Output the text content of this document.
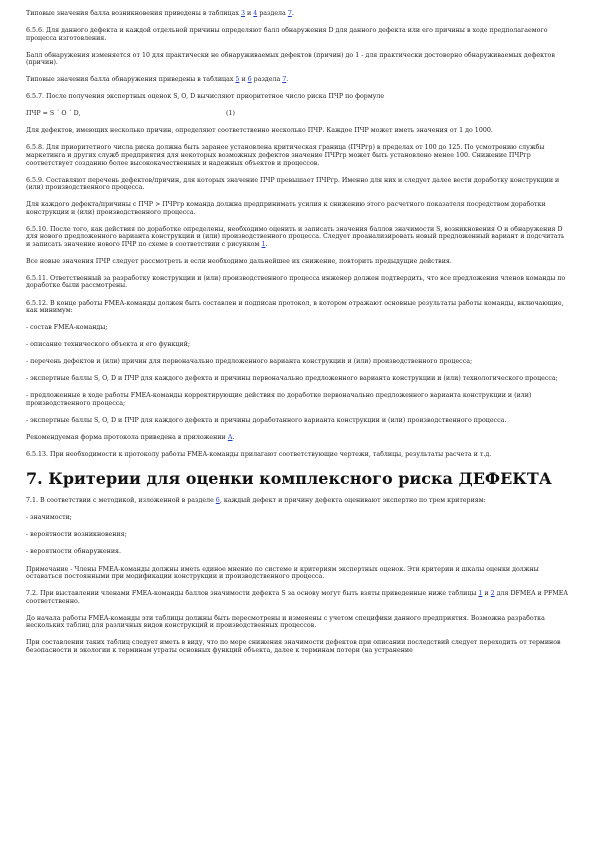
Типовые значения балла возникновения приведены в таблицах 3 и 4 раздела 7.

6.5.6. Для данного дефекта и каждой отдельной причины определяют балл обнаружения D для данного дефекта или его причины в ходе предполагаемого процесса изготовления.

Балл обнаружения изменяется от 10 для практически не обнаруживаемых дефектов (причин) до 1 - для практически достоверно обнаруживаемых дефектов (причин).

Типовые значения балла обнаружения приведены в таблицах 5 и 6 раздела 7.

6.5.7. После получения экспертных оценок S, O, D вычисляют приоритетное число риска ПЧР по формуле

ПЧР = S ´ O ´ D,	(1)

Для дефектов, имеющих несколько причин, определяют соответственно несколько ПЧР. Каждое ПЧР может иметь значения от 1 до 1000.

6.5.8. Для приоритетного числа риска должна быть заранее установлена критическая граница (ПЧРгр) в пределах от 100 до 125. По усмотрению службы маркетинга и других служб предприятия для некоторых возможных дефектов значение ПЧРгр может быть установлено менее 100. Снижение ПЧРгр соответствует созданию более высококачественных и надежных объектов и процессов.

6.5.9. Составляют перечень дефектов/причин, для которых значение ПЧР превышает ПЧРгр. Именно для них и следует далее вести доработку конструкции и (или) производственного процесса.

Для каждого дефекта/причины с ПЧР > ПЧРгр команда должна предпринимать усилия к снижению этого расчетного показателя посредством доработки конструкции и (или) производственного процесса.

6.5.10. После того, как действия по доработке определены, необходимо оценить и записать значения баллов значимости S, возникновения O и обнаружения D для нового предложенного варианта конструкции и (или) производственного процесса. Следует проанализировать новый предложенный вариант и подсчитать и записать значение нового ПЧР по схеме в соответствии с рисунком 1.

Все новые значения ПЧР следует рассмотреть и если необходимо дальнейшее их снижение, повторить предыдущие действия.

6.5.11. Ответственный за разработку конструкции и (или) производственного процесса инженер должен подтвердить, что все предложения членов команды по доработке были рассмотрены.

6.5.12. В конце работы FMEA-команды должен быть составлен и подписан протокол, в котором отражают основные результаты работы команды, включающие, как минимум:

- состав FMEA-команды;

- описание технического объекта и его функций;

- перечень дефектов и (или) причин для первоначально предложенного варианта конструкции и (или) производственного процесса;

- экспертные баллы S, O, D и ПЧР для каждого дефекта и причины первоначально предложенного варианта конструкции и (или) технологического процесса;

- предложенные в ходе работы FMEA-команды корректирующие действия по доработке первоначально предложенного варианта конструкции и (или) производственного процесса;

- экспертные баллы S, O, D и ПЧР для каждого дефекта и причины доработанного варианта конструкции и (или) производственного процесса.

Рекомендуемая форма протокола приведена в приложении А.

6.5.13. При необходимости к протоколу работы FMEA-команды прилагают соответствующие чертежи, таблицы, результаты расчета и т.д.

7. Критерии для оценки комплексного риска ДЕФЕКТА

7.1. В соответствии с методикой, изложенной в разделе 6, каждый дефект и причину дефекта оценивают экспертно по трем критериям:

- значимости;

- вероятности возникновения;

- вероятности обнаружения.

Примечание - Члены FMEA-команды должны иметь единое мнение по системе и критериям экспертных оценок. Эти критерии и шкалы оценки должны оставаться постоянными при модификации конструкции и производственного процесса.

7.2. При выставлении членами FMEA-команды баллов значимости дефекта S за основу могут быть взяты приведенные ниже таблицы 1 и 2 для DFMEA и PFMEA соответственно.

До начала работы FMEA-команды эти таблицы должны быть пересмотрены и изменены с учетом специфики данного предприятия. Возможна разработка нескольких таблиц для различных видов конструкций и производственных процессов.

При составлении таких таблиц следует иметь в виду, что по мере снижения значимости дефектов при описании последствий следует переходить от терминов безопасности и экологии к терминам утраты основных функций объекта, далее к терминам потери (на устранение
